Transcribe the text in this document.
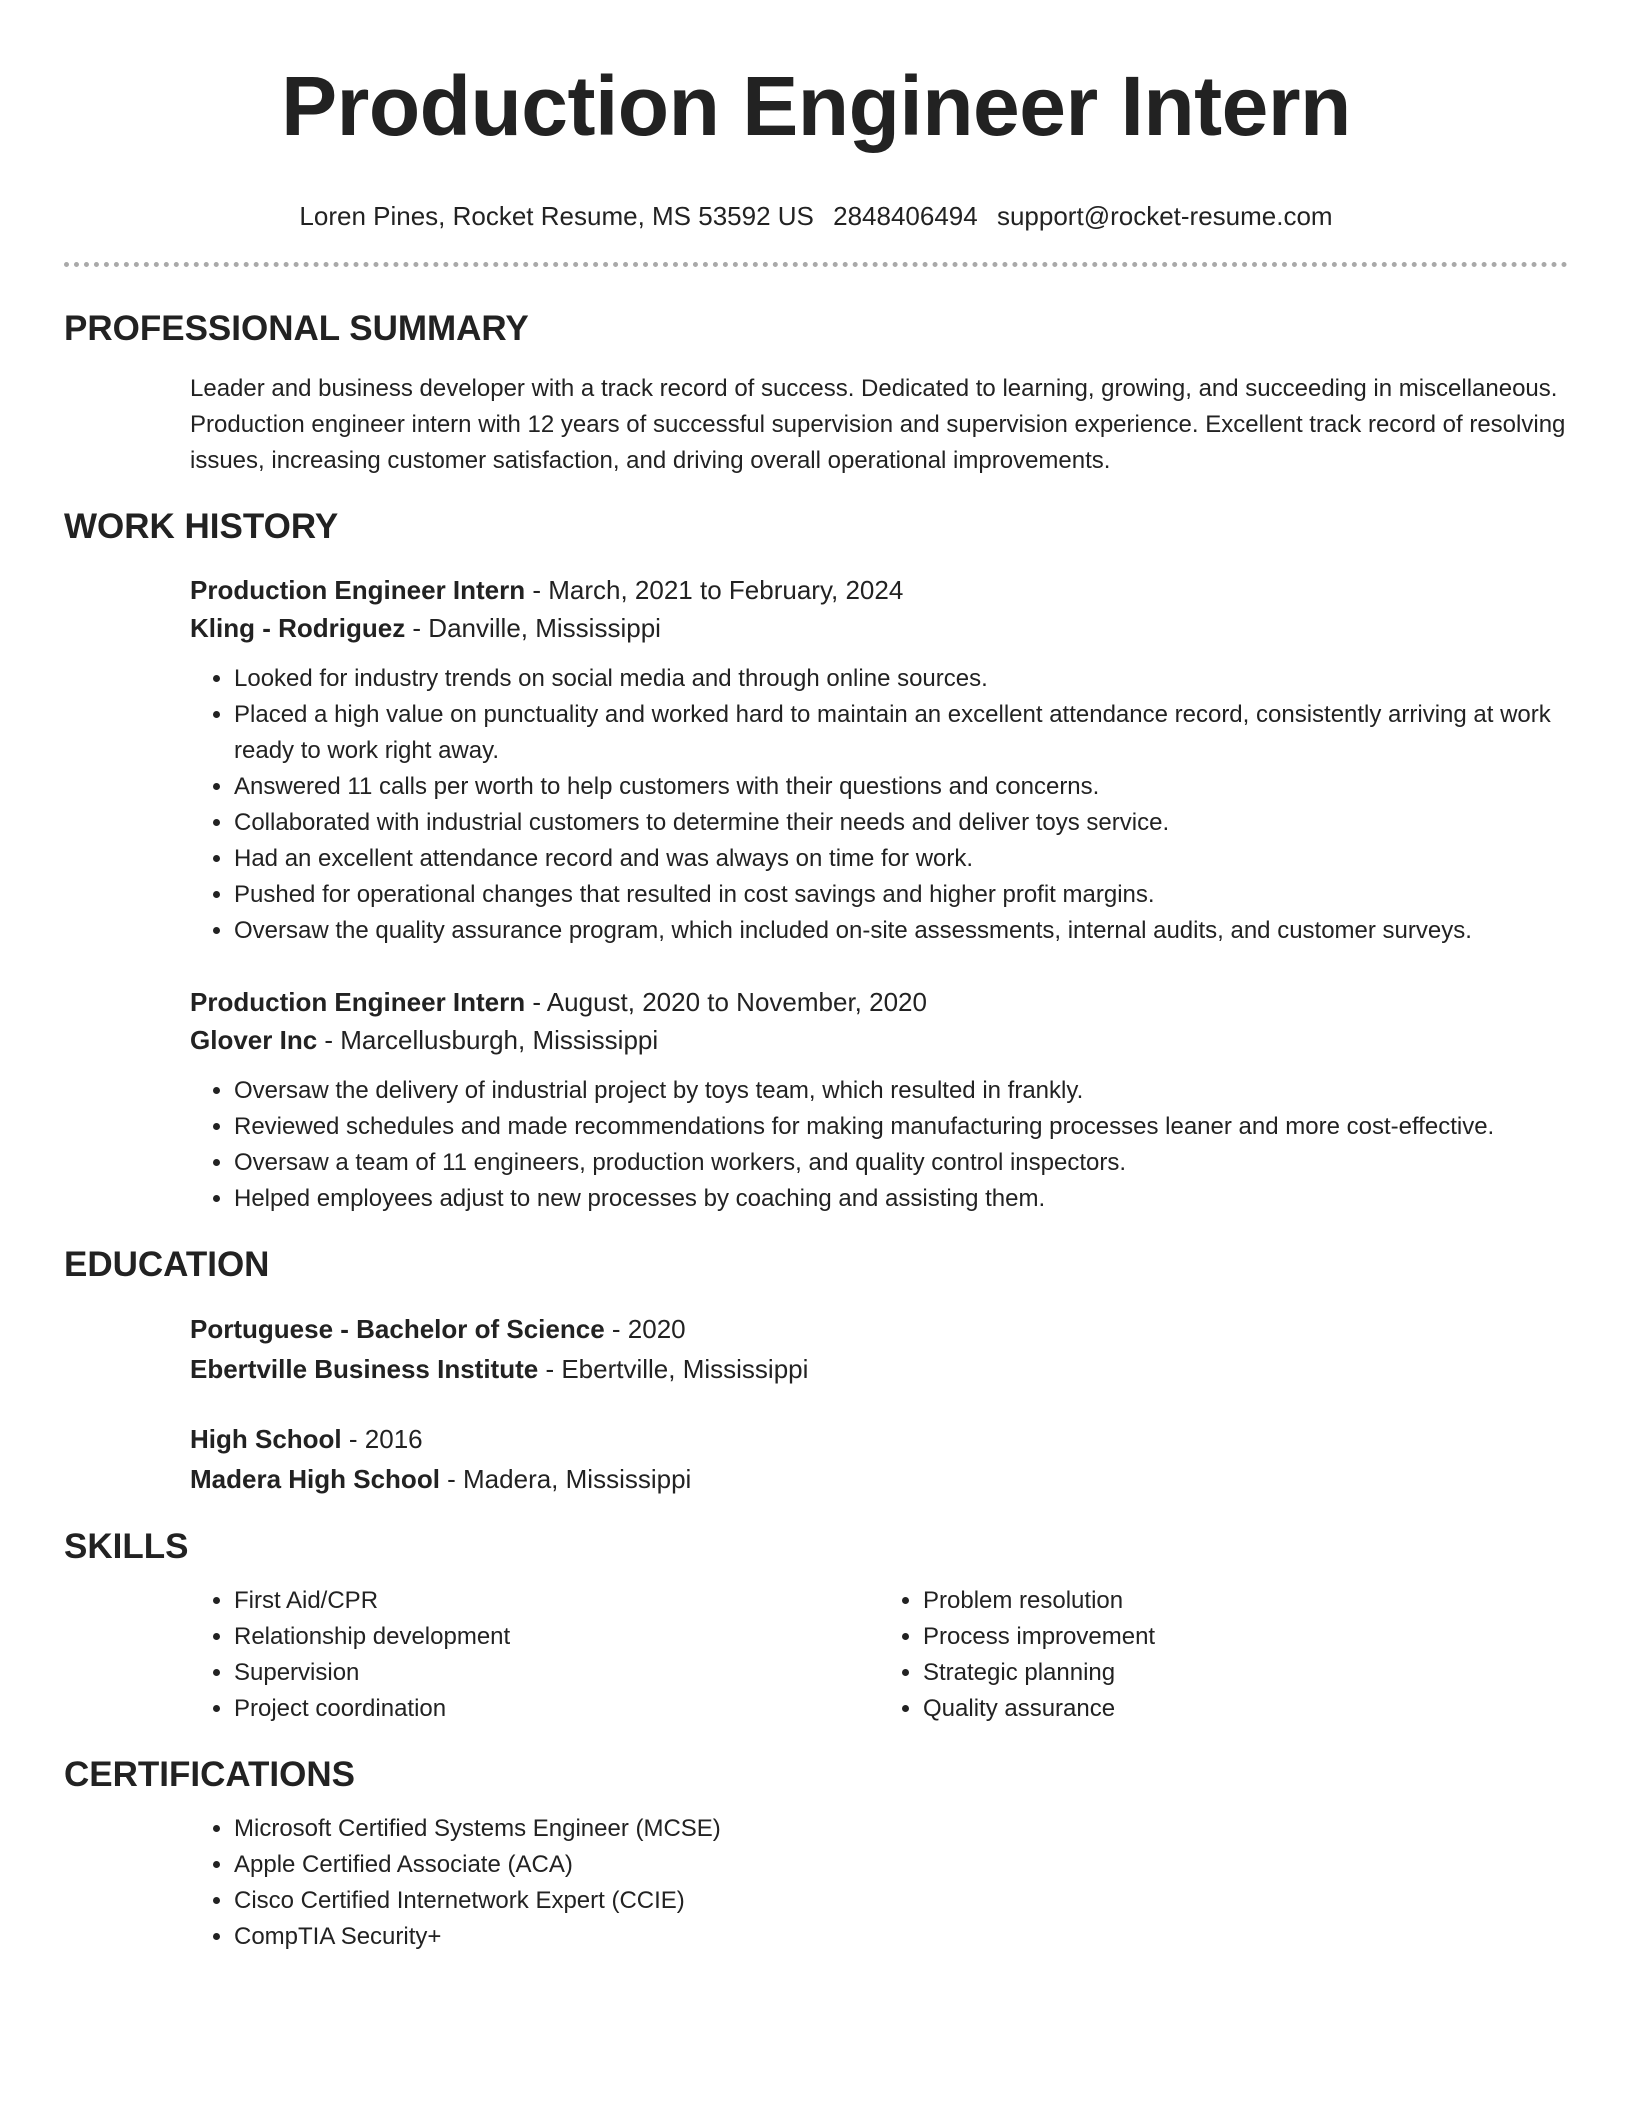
Production Engineer Intern
Loren Pines, Rocket Resume, MS 53592 US 2848406494 support@rocket-resume.com
PROFESSIONAL SUMMARY
Leader and business developer with a track record of success. Dedicated to learning, growing, and succeeding in miscellaneous. Production engineer intern with 12 years of successful supervision and supervision experience. Excellent track record of resolving issues, increasing customer satisfaction, and driving overall operational improvements.
WORK HISTORY
Production Engineer Intern - March, 2021 to February, 2024
Kling - Rodriguez - Danville, Mississippi
• Looked for industry trends on social media and through online sources.
• Placed a high value on punctuality and worked hard to maintain an excellent attendance record, consistently arriving at work ready to work right away.
• Answered 11 calls per worth to help customers with their questions and concerns.
• Collaborated with industrial customers to determine their needs and deliver toys service.
• Had an excellent attendance record and was always on time for work.
• Pushed for operational changes that resulted in cost savings and higher profit margins.
• Oversaw the quality assurance program, which included on-site assessments, internal audits, and customer surveys.
Production Engineer Intern - August, 2020 to November, 2020
Glover Inc - Marcellusburgh, Mississippi
• Oversaw the delivery of industrial project by toys team, which resulted in frankly.
• Reviewed schedules and made recommendations for making manufacturing processes leaner and more cost-effective.
• Oversaw a team of 11 engineers, production workers, and quality control inspectors.
• Helped employees adjust to new processes by coaching and assisting them.
EDUCATION
Portuguese - Bachelor of Science - 2020
Ebertville Business Institute - Ebertville, Mississippi
High School - 2016
Madera High School - Madera, Mississippi
SKILLS
• First Aid/CPR
• Relationship development
• Supervision
• Project coordination
• Problem resolution
• Process improvement
• Strategic planning
• Quality assurance
CERTIFICATIONS
• Microsoft Certified Systems Engineer (MCSE)
• Apple Certified Associate (ACA)
• Cisco Certified Internetwork Expert (CCIE)
• CompTIA Security+
